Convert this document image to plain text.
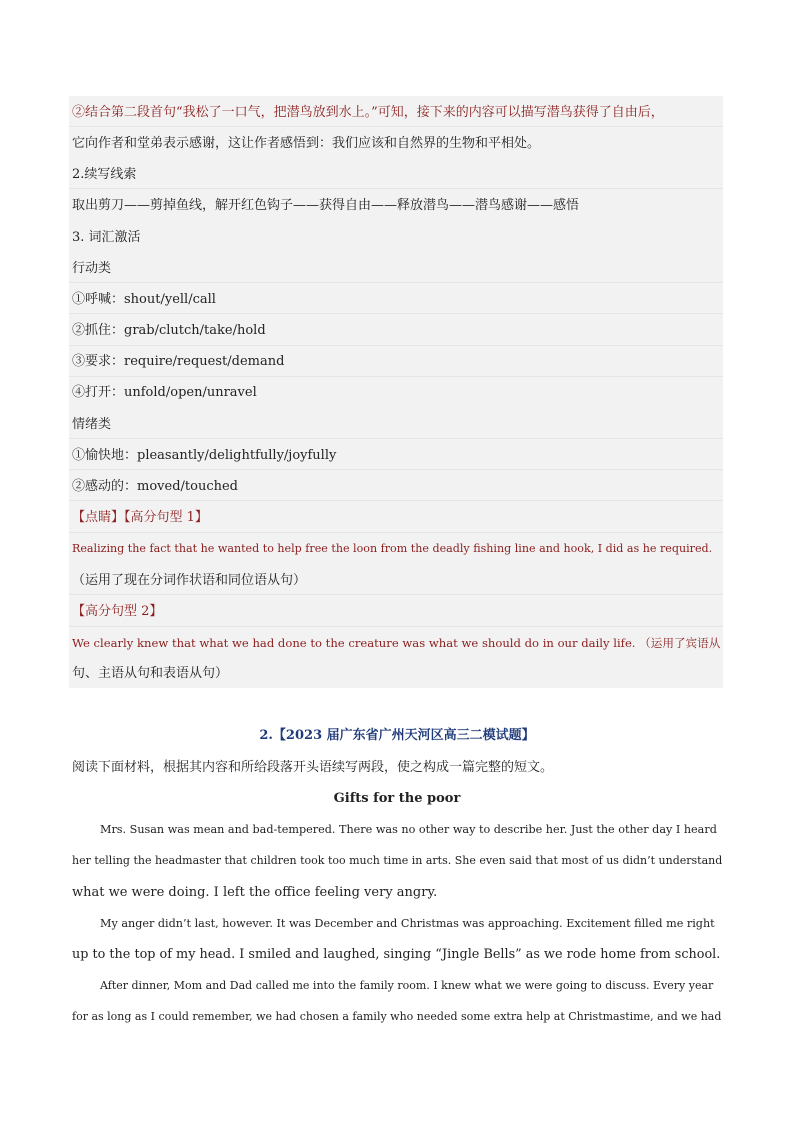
②结合第二段首句“我松了一口气，把潜鸟放到水上。”可知，接下来的内容可以描写潜鸟获得了自由后，
它向作者和堂弟表示感谢，这让作者感悟到：我们应该和自然界的生物和平相处。
2.续写线索
取出剪刀——剪掉鱼线，解开红色钩子——获得自由——释放潜鸟——潜鸟感谢——感悟
3. 词汇激活
行动类
①呼喊：shout/yell/call
②抓住：grab/clutch/take/hold
③要求：require/request/demand
④打开：unfold/open/unravel
情绪类
①愉快地：pleasantly/delightfully/joyfully
②感动的：moved/touched
【点睛】【高分句型 1】
Realizing the fact that he wanted to help free the loon from the deadly fishing line and hook, I did as he required.
（运用了现在分词作状语和同位语从句）
【高分句型 2】
We clearly knew that what we had done to the creature was what we should do in our daily life. （运用了宾语从
句、主语从句和表语从句）
2.【2023 届广东省广州天河区高三二模试题】
阅读下面材料，根据其内容和所给段落开头语续写两段，使之构成一篇完整的短文。
Gifts for the poor
Mrs. Susan was mean and bad-tempered. There was no other way to describe her. Just the other day I heard
her telling the headmaster that children took too much time in arts. She even said that most of us didn’t understand
what we were doing. I left the office feeling very angry.
My anger didn’t last, however. It was December and Christmas was approaching. Excitement filled me right
up to the top of my head. I smiled and laughed, singing “Jingle Bells” as we rode home from school.
After dinner, Mom and Dad called me into the family room. I knew what we were going to discuss. Every year
for as long as I could remember, we had chosen a family who needed some extra help at Christmastime, and we had
